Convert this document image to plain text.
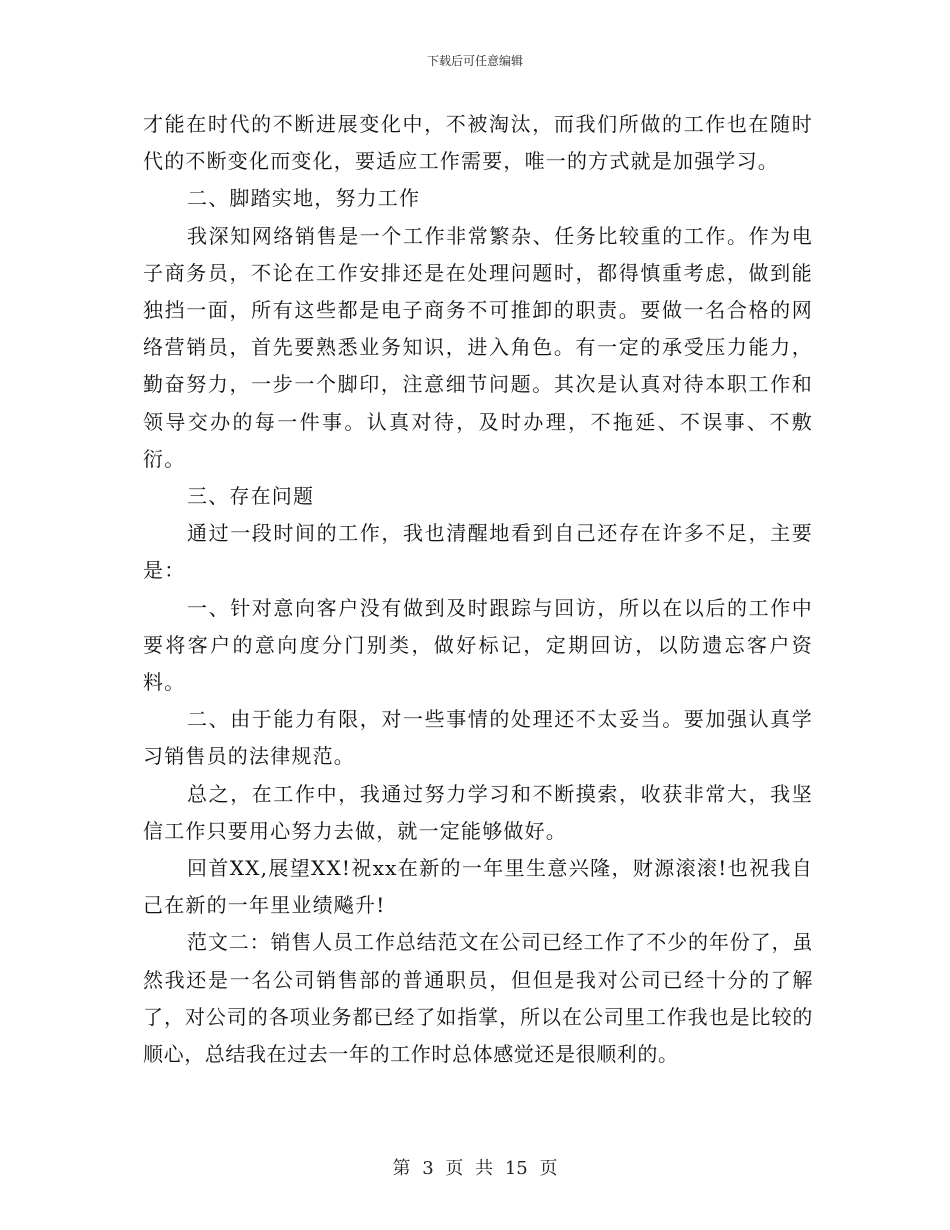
下载后可任意编辑

才能在时代的不断进展变化中，不被淘汰，而我们所做的工作也在随时代的不断变化而变化，要适应工作需要，唯一的方式就是加强学习。

二、脚踏实地，努力工作

我深知网络销售是一个工作非常繁杂、任务比较重的工作。作为电子商务员，不论在工作安排还是在处理问题时，都得慎重考虑，做到能独挡一面，所有这些都是电子商务不可推卸的职责。要做一名合格的网络营销员，首先要熟悉业务知识，进入角色。有一定的承受压力能力，勤奋努力，一步一个脚印，注意细节问题。其次是认真对待本职工作和领导交办的每一件事。认真对待，及时办理，不拖延、不误事、不敷衍。

三、存在问题

通过一段时间的工作，我也清醒地看到自己还存在许多不足，主要是：

一、针对意向客户没有做到及时跟踪与回访，所以在以后的工作中要将客户的意向度分门别类，做好标记，定期回访，以防遗忘客户资料。

二、由于能力有限，对一些事情的处理还不太妥当。要加强认真学习销售员的法律规范。

总之，在工作中，我通过努力学习和不断摸索，收获非常大，我坚信工作只要用心努力去做，就一定能够做好。

回首XX,展望XX!祝xx在新的一年里生意兴隆，财源滚滚!也祝我自己在新的一年里业绩飚升!

范文二：销售人员工作总结范文在公司已经工作了不少的年份了，虽然我还是一名公司销售部的普通职员，但但是我对公司已经十分的了解了，对公司的各项业务都已经了如指掌，所以在公司里工作我也是比较的顺心，总结我在过去一年的工作时总体感觉还是很顺利的。

第 3 页 共 15 页
